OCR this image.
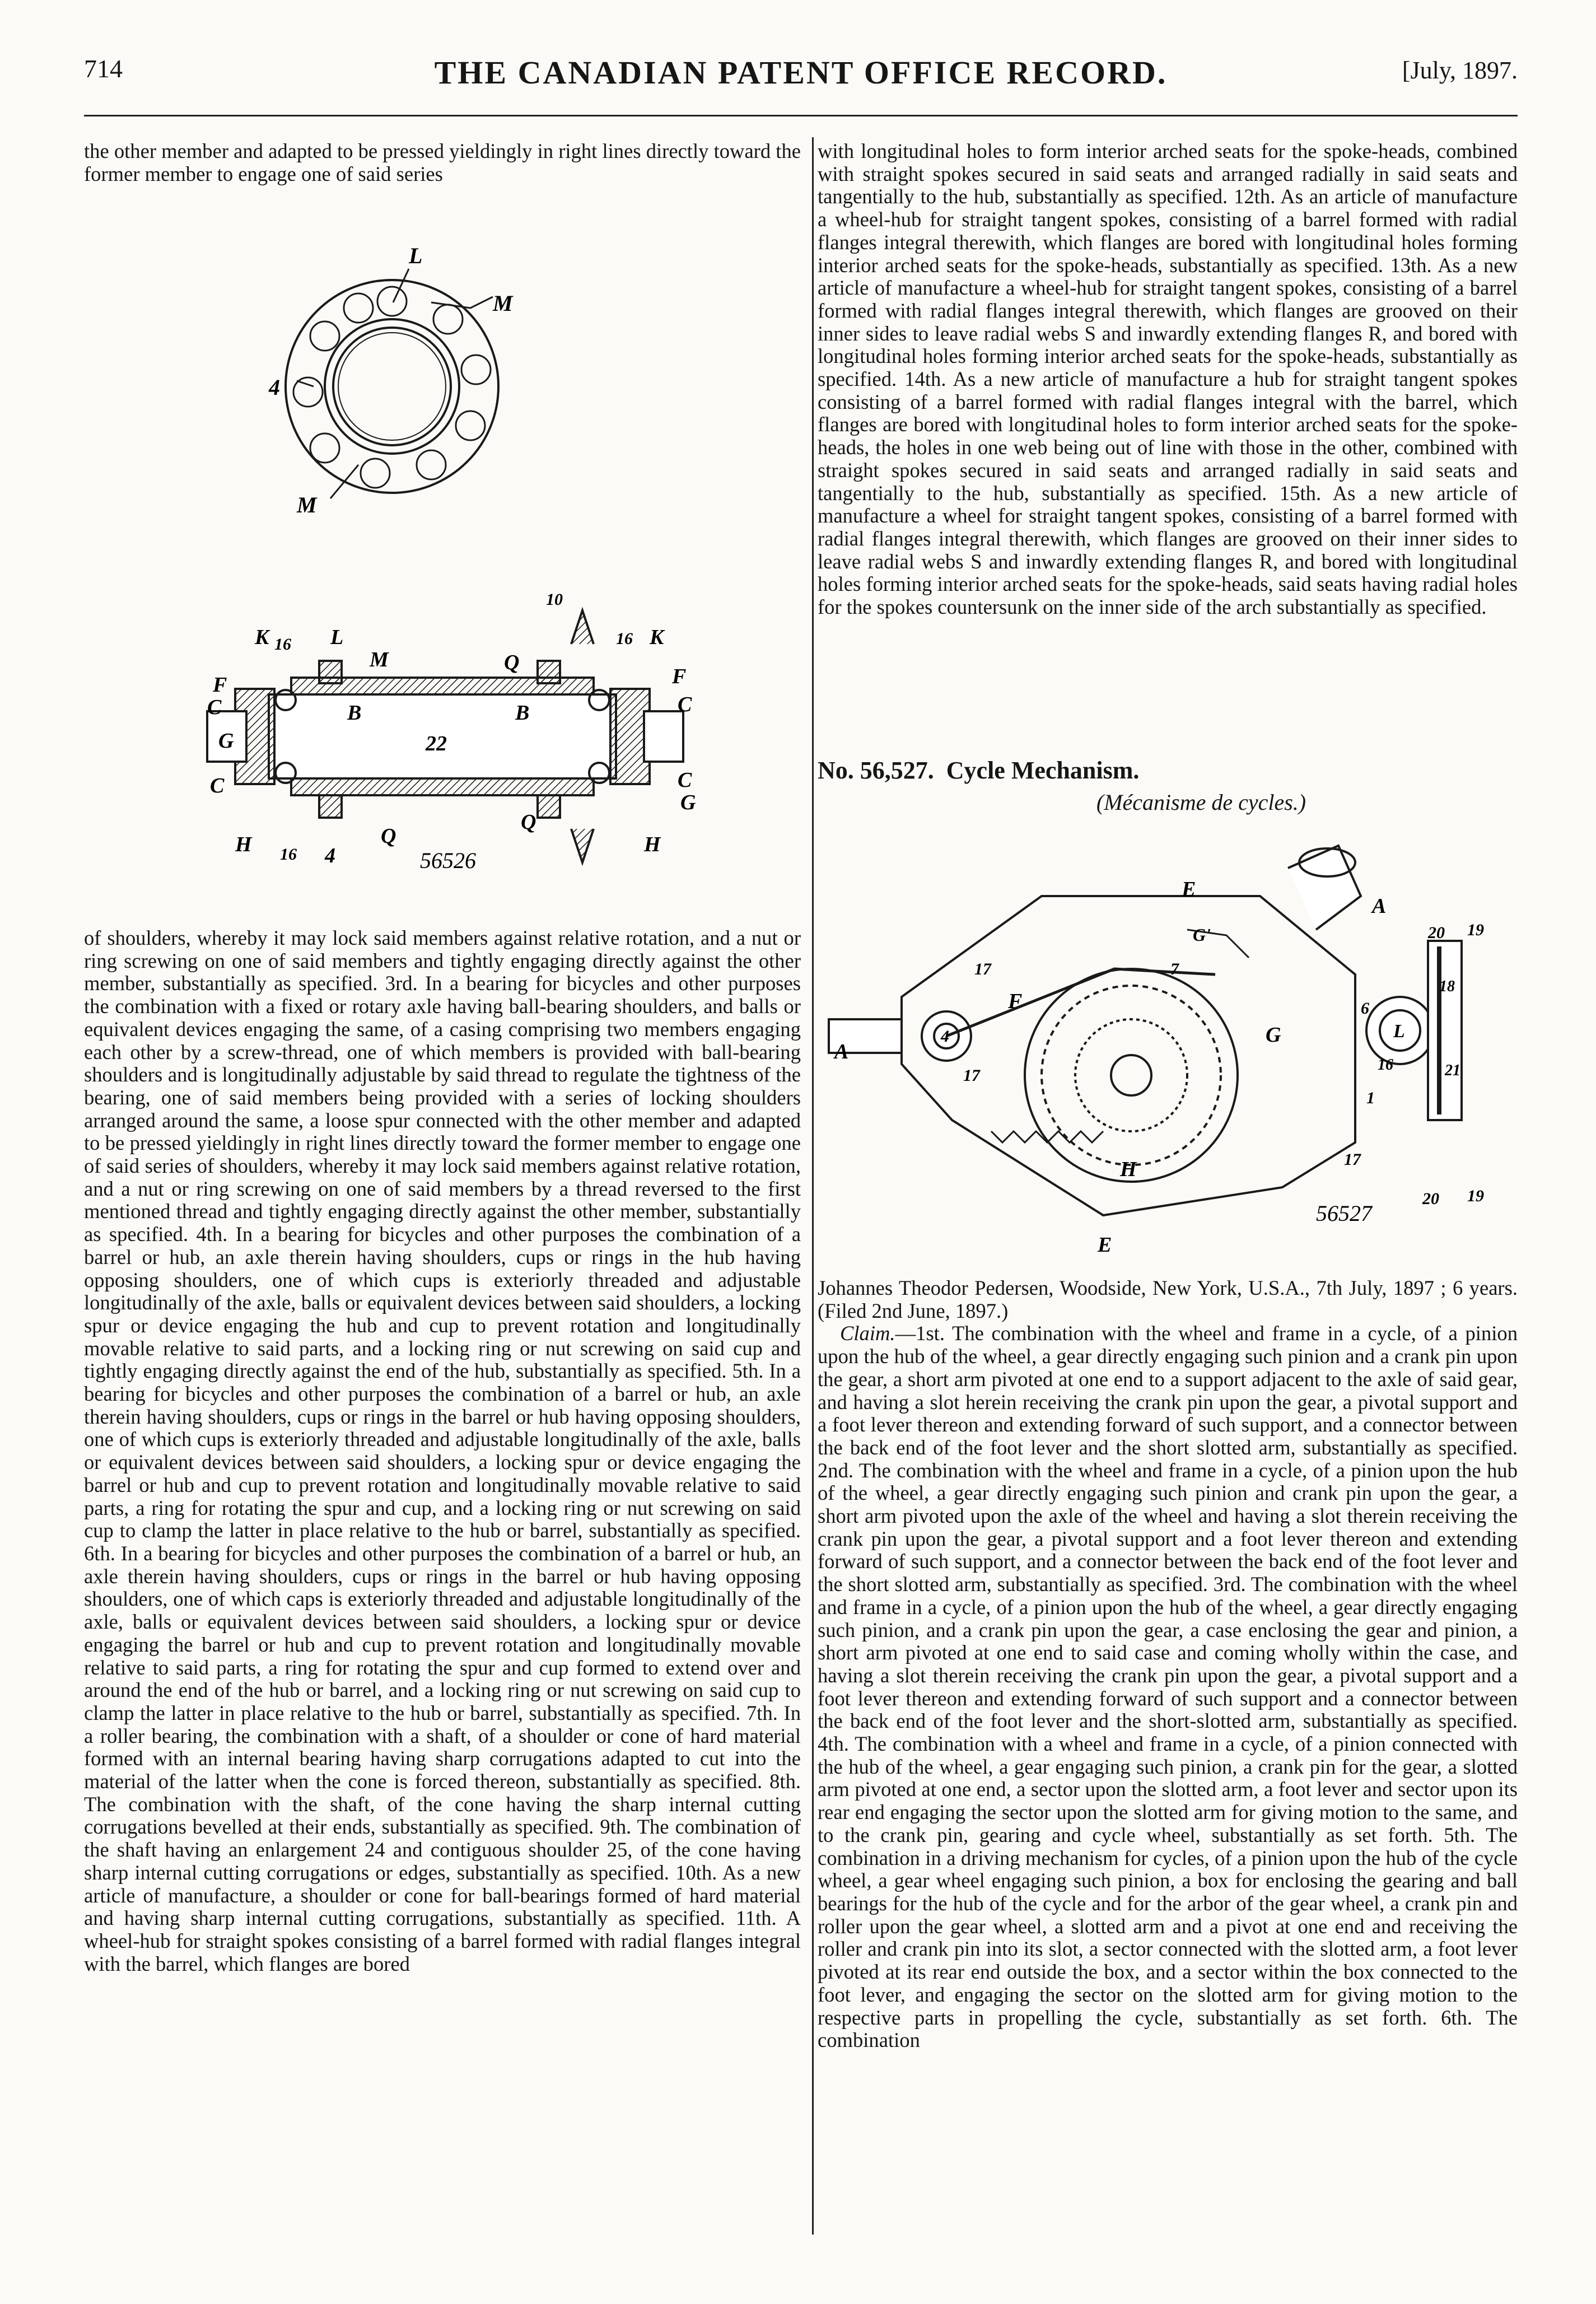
714	THE CANADIAN PATENT OFFICE RECORD.	[July, 1897.

the other member and adapted to be pressed yieldingly in right lines directly toward the former member to engage one of said series

L
M
4
M
K 16 L
M
10
16 K
F
C
Q
F
C
B	B
C
G	22
C
G
H 16 4
Q
Q
H
56526

of shoulders, whereby it may lock said members against relative rotation, and a nut or ring screwing on one of said members and tightly engaging directly against the other member, substantially as specified. 3rd. In a bearing for bicycles and other purposes the combination with a fixed or rotary axle having ball-bearing shoulders, and balls or equivalent devices engaging the same, of a casing comprising two members engaging each other by a screw-thread, one of which members is provided with ball-bearing shoulders and is longitudinally adjustable by said thread to regulate the tightness of the bearing, one of said members being provided with a series of locking shoulders arranged around the same, a loose spur connected with the other member and adapted to be pressed yieldingly in right lines directly toward the former member to engage one of said series of shoulders, whereby it may lock said members against relative rotation, and a nut or ring screwing on one of said members by a thread reversed to the first mentioned thread and tightly engaging directly against the other member, substantially as specified. 4th. In a bearing for bicycles and other purposes the combination of a barrel or hub, an axle therein having shoulders, cups or rings in the hub having opposing shoulders, one of which cups is exteriorly threaded and adjustable longitudinally of the axle, balls or equivalent devices between said shoulders, a locking spur or device engaging the hub and cup to prevent rotation and longitudinally movable relative to said parts, and a locking ring or nut screwing on said cup and tightly engaging directly against the end of the hub, substantially as specified. 5th. In a bearing for bicycles and other purposes the combination of a barrel or hub, an axle therein having shoulders, cups or rings in the barrel or hub having opposing shoulders, one of which cups is exteriorly threaded and adjustable longitudinally of the axle, balls or equivalent devices between said shoulders, a locking spur or device engaging the barrel or hub and cup to prevent rotation and longitudinally movable relative to said parts, a ring for rotating the spur and cup, and a locking ring or nut screwing on said cup to clamp the latter in place relative to the hub or barrel, substantially as specified. 6th. In a bearing for bicycles and other purposes the combination of a barrel or hub, an axle therein having shoulders, cups or rings in the barrel or hub having opposing shoulders, one of which caps is exteriorly threaded and adjustable longitudinally of the axle, balls or equivalent devices between said shoulders, a locking spur or device engaging the barrel or hub and cup to prevent rotation and longitudinally movable relative to said parts, a ring for rotating the spur and cup formed to extend over and around the end of the hub or barrel, and a locking ring or nut screwing on said cup to clamp the latter in place relative to the hub or barrel, substantially as specified. 7th. In a roller bearing, the combination with a shaft, of a shoulder or cone of hard material formed with an internal bearing having sharp corrugations adapted to cut into the material of the latter when the cone is forced thereon, substantially as specified. 8th. The combination with the shaft, of the cone having the sharp internal cutting corrugations bevelled at their ends, substantially as specified. 9th. The combination of the shaft having an enlargement 24 and contiguous shoulder 25, of the cone having sharp internal cutting corrugations or edges, substantially as specified. 10th. As a new article of manufacture, a shoulder or cone for ball-bearings formed of hard material and having sharp internal cutting corrugations, substantially as specified. 11th. A wheel-hub for straight spokes consisting of a barrel formed with radial flanges integral with the barrel, which flanges are bored

with longitudinal holes to form interior arched seats for the spoke-heads, combined with straight spokes secured in said seats and arranged radially in said seats and tangentially to the hub, substantially as specified. 12th. As an article of manufacture a wheel-hub for straight tangent spokes, consisting of a barrel formed with radial flanges integral therewith, which flanges are bored with longitudinal holes forming interior arched seats for the spoke-heads, substantially as specified. 13th. As a new article of manufacture a wheel-hub for straight tangent spokes, consisting of a barrel formed with radial flanges integral therewith, which flanges are grooved on their inner sides to leave radial webs S and inwardly extending flanges R, and bored with longitudinal holes forming interior arched seats for the spoke-heads, substantially as specified. 14th. As a new article of manufacture a hub for straight tangent spokes consisting of a barrel formed with radial flanges integral with the barrel, which flanges are bored with longitudinal holes to form interior arched seats for the spoke-heads, the holes in one web being out of line with those in the other, combined with straight spokes secured in said seats and arranged radially in said seats and tangentially to the hub, substantially as specified. 15th. As a new article of manufacture a wheel for straight tangent spokes, consisting of a barrel formed with radial flanges integral therewith, which flanges are grooved on their inner sides to leave radial webs S and inwardly extending flanges R, and bored with longitudinal holes forming interior arched seats for the spoke-heads, said seats having radial holes for the spokes countersunk on the inner side of the arch substantially as specified.

No. 56,527. Cycle Mechanism.
(Mécanisme de cycles.)
E
A
G'	20 19
F
7
17
4	G
6
L
16
18
A
17	21
1
H	17
E
20 19
56527

Johannes Theodor Pedersen, Woodside, New York, U.S.A., 7th July, 1897 ; 6 years. (Filed 2nd June, 1897.)

Claim.—1st. The combination with the wheel and frame in a cycle, of a pinion upon the hub of the wheel, a gear directly engaging such pinion and a crank pin upon the gear, a short arm pivoted at one end to a support adjacent to the axle of said gear, and having a slot herein receiving the crank pin upon the gear, a pivotal support and a foot lever thereon and extending forward of such support, and a connector between the back end of the foot lever and the short slotted arm, substantially as specified. 2nd. The combination with the wheel and frame in a cycle, of a pinion upon the hub of the wheel, a gear directly engaging such pinion and crank pin upon the gear, a short arm pivoted upon the axle of the wheel and having a slot therein receiving the crank pin upon the gear, a pivotal support and a foot lever thereon and extending forward of such support, and a connector between the back end of the foot lever and the short slotted arm, substantially as specified. 3rd. The combination with the wheel and frame in a cycle, of a pinion upon the hub of the wheel, a gear directly engaging such pinion, and a crank pin upon the gear, a case enclosing the gear and pinion, a short arm pivoted at one end to said case and coming wholly within the case, and having a slot therein receiving the crank pin upon the gear, a pivotal support and a foot lever thereon and extending forward of such support and a connector between the back end of the foot lever and the short-slotted arm, substantially as specified. 4th. The combination with a wheel and frame in a cycle, of a pinion connected with the hub of the wheel, a gear engaging such pinion, a crank pin for the gear, a slotted arm pivoted at one end, a sector upon the slotted arm, a foot lever and sector upon its rear end engaging the sector upon the slotted arm for giving motion to the same, and to the crank pin, gearing and cycle wheel, substantially as set forth. 5th. The combination in a driving mechanism for cycles, of a pinion upon the hub of the cycle wheel, a gear wheel engaging such pinion, a box for enclosing the gearing and ball bearings for the hub of the cycle and for the arbor of the gear wheel, a crank pin and roller upon the gear wheel, a slotted arm and a pivot at one end and receiving the roller and crank pin into its slot, a sector connected with the slotted arm, a foot lever pivoted at its rear end outside the box, and a sector within the box connected to the foot lever, and engaging the sector on the slotted arm for giving motion to the respective parts in propelling the cycle, substantially as set forth. 6th. The combination
